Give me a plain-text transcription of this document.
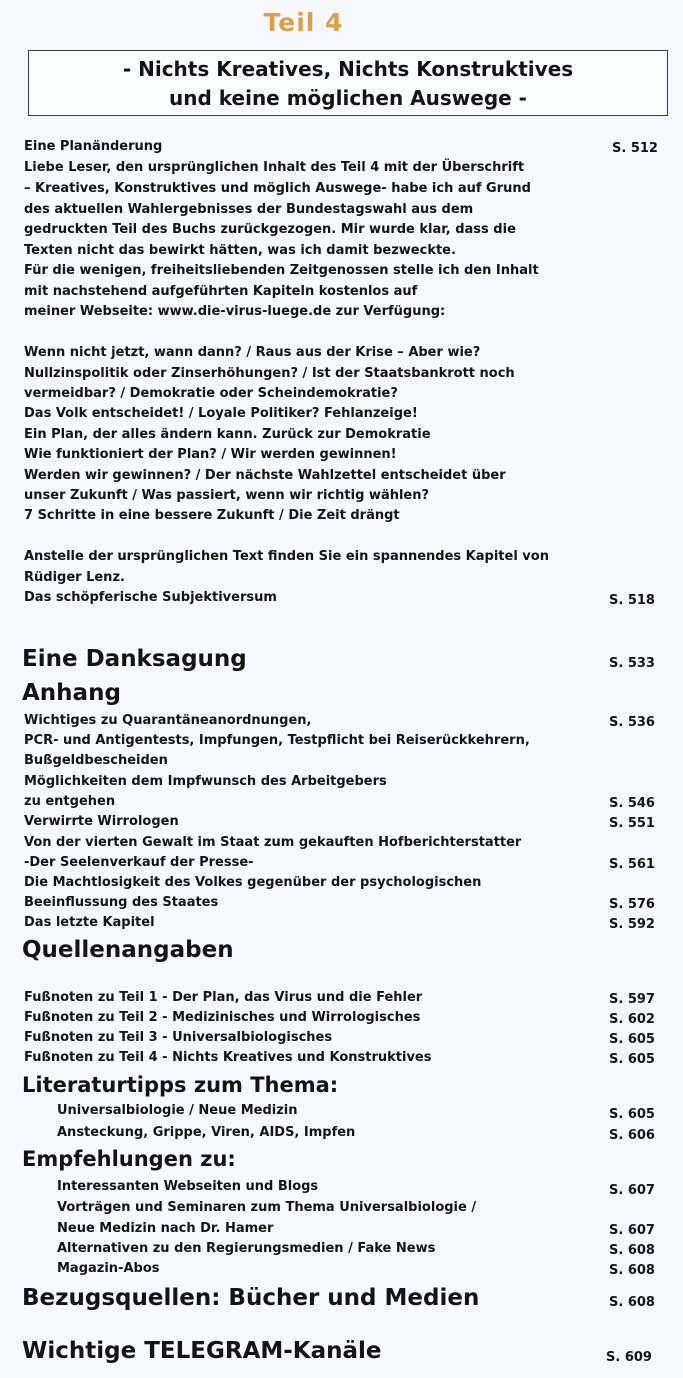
Teil 4
- Nichts Kreatives, Nichts Konstruktives
und keine möglichen Auswege -
Eine Planänderung	S. 512
Liebe Leser, den ursprünglichen Inhalt des Teil 4 mit der Überschrift
– Kreatives, Konstruktives und möglich Auswege- habe ich auf Grund
des aktuellen Wahlergebnisses der Bundestagswahl aus dem
gedruckten Teil des Buchs zurückgezogen. Mir wurde klar, dass die
Texten nicht das bewirkt hätten, was ich damit bezweckte.
Für die wenigen, freiheitsliebenden Zeitgenossen stelle ich den Inhalt
mit nachstehend aufgeführten Kapiteln kostenlos auf
meiner Webseite: www.die-virus-luege.de zur Verfügung:
Wenn nicht jetzt, wann dann? / Raus aus der Krise – Aber wie?
Nullzinspolitik oder Zinserhöhungen? / Ist der Staatsbankrott noch
vermeidbar? / Demokratie oder Scheindemokratie?
Das Volk entscheidet! / Loyale Politiker? Fehlanzeige!
Ein Plan, der alles ändern kann. Zurück zur Demokratie
Wie funktioniert der Plan? / Wir werden gewinnen!
Werden wir gewinnen? / Der nächste Wahlzettel entscheidet über
unser Zukunft / Was passiert, wenn wir richtig wählen?
7 Schritte in eine bessere Zukunft / Die Zeit drängt
Anstelle der ursprünglichen Text finden Sie ein spannendes Kapitel von
Rüdiger Lenz.
Das schöpferische Subjektiversum	S. 518
Eine Danksagung	S. 533
Anhang
Wichtiges zu Quarantäneanordnungen,	S. 536
PCR- und Antigentests, Impfungen, Testpflicht bei Reiserückkehrern,
Bußgeldbescheiden
Möglichkeiten dem Impfwunsch des Arbeitgebers
zu entgehen	S. 546
Verwirrte Wirrologen	S. 551
Von der vierten Gewalt im Staat zum gekauften Hofberichterstatter
-Der Seelenverkauf der Presse-	S. 561
Die Machtlosigkeit des Volkes gegenüber der psychologischen
Beeinflussung des Staates	S. 576
Das letzte Kapitel	S. 592
Quellenangaben
Fußnoten zu Teil 1 - Der Plan, das Virus und die Fehler	S. 597
Fußnoten zu Teil 2 - Medizinisches und Wirrologisches	S. 602
Fußnoten zu Teil 3 - Universalbiologisches	S. 605
Fußnoten zu Teil 4 - Nichts Kreatives und Konstruktives	S. 605
Literaturtipps zum Thema:
Universalbiologie / Neue Medizin	S. 605
Ansteckung, Grippe, Viren, AIDS, Impfen	S. 606
Empfehlungen zu:
Interessanten Webseiten und Blogs	S. 607
Vorträgen und Seminaren zum Thema Universalbiologie /
Neue Medizin nach Dr. Hamer	S. 607
Alternativen zu den Regierungsmedien / Fake News	S. 608
Magazin-Abos	S. 608
Bezugsquellen: Bücher und Medien	S. 608
Wichtige TELEGRAM-Kanäle	S. 609
